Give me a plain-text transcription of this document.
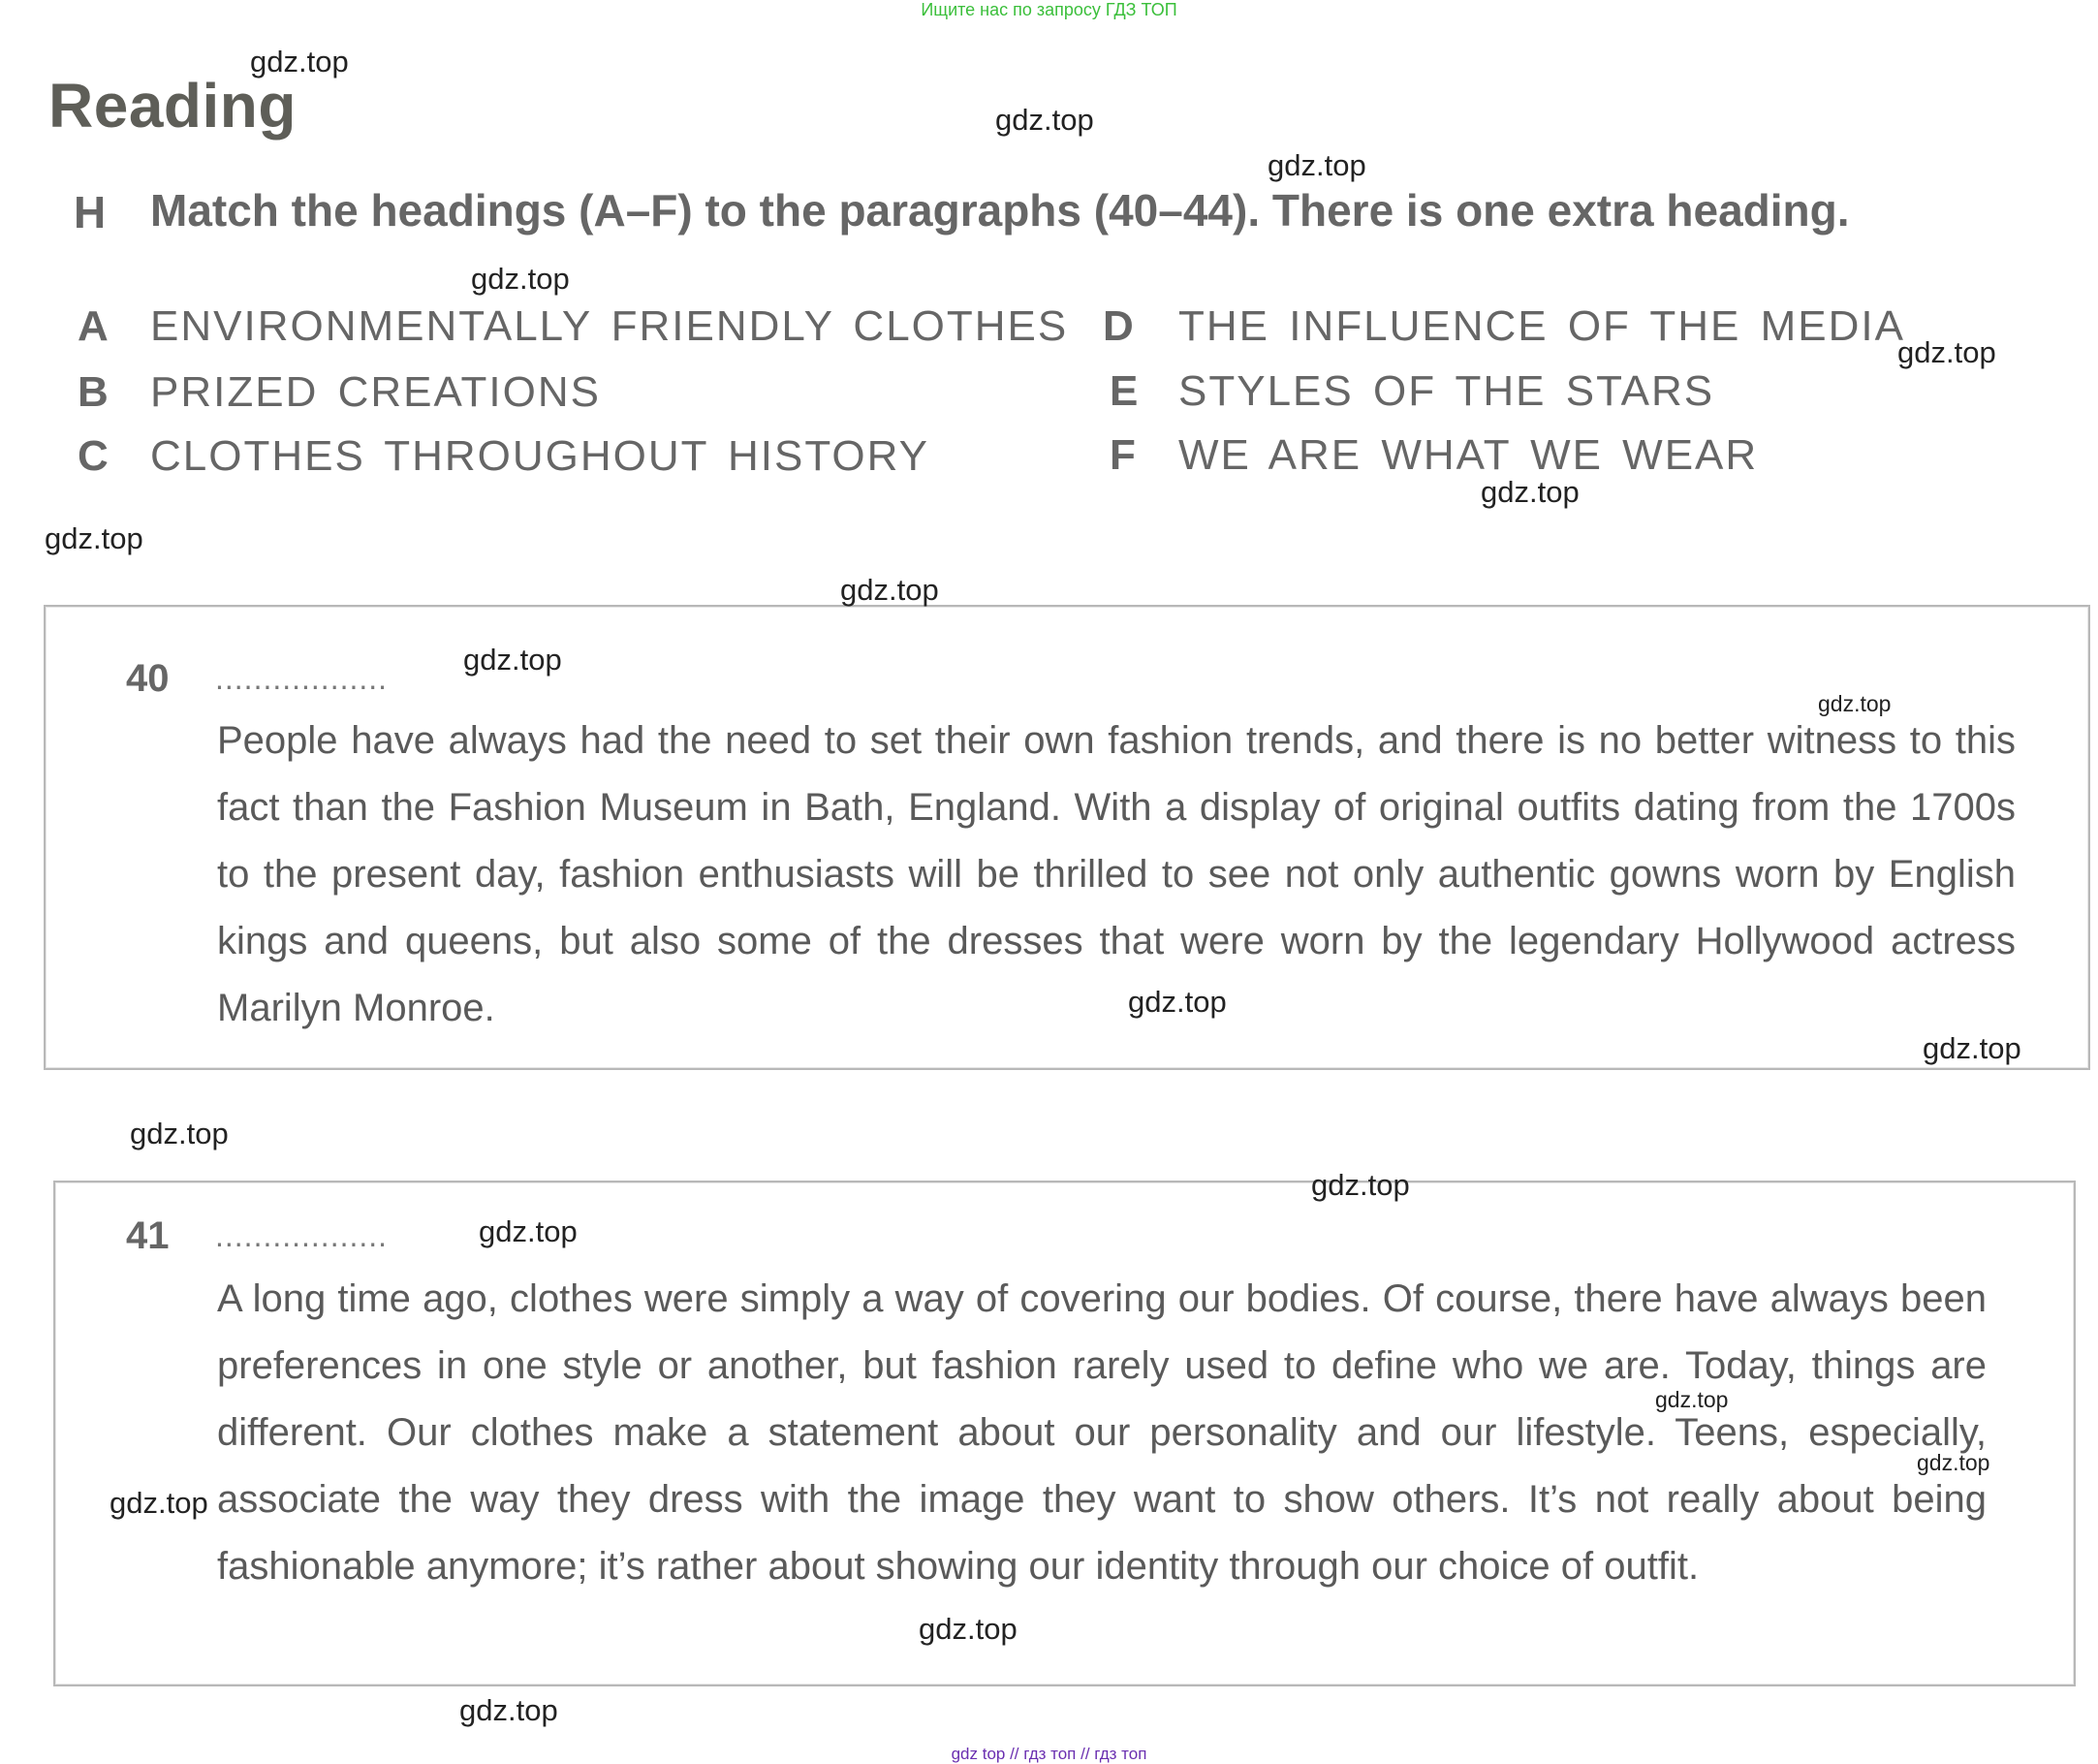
Ищите нас по запросу ГДЗ ТОП
Reading
H Match the headings (A–F) to the paragraphs (40–44). There is one extra heading.
A ENVIRONMENTALLY FRIENDLY CLOTHES
B PRIZED CREATIONS
C CLOTHES THROUGHOUT HISTORY
D THE INFLUENCE OF THE MEDIA
E STYLES OF THE STARS
F WE ARE WHAT WE WEAR
40 ..................
People have always had the need to set their own fashion trends, and there is no better witness to this fact than the Fashion Museum in Bath, England. With a display of original outfits dating from the 1700s to the present day, fashion enthusiasts will be thrilled to see not only authentic gowns worn by English kings and queens, but also some of the dresses that were worn by the legendary Hollywood actress Marilyn Monroe.
41 ..................
A long time ago, clothes were simply a way of covering our bodies. Of course, there have always been preferences in one style or another, but fashion rarely used to define who we are. Today, things are different. Our clothes make a statement about our personality and our lifestyle. Teens, especially, associate the way they dress with the image they want to show others. It’s not really about being fashionable anymore; it’s rather about showing our identity through our choice of outfit.
gdz.top
gdz.top
gdz.top
gdz.top
gdz.top
gdz.top
gdz.top
gdz.top
gdz.top
gdz.top
gdz.top
gdz.top
gdz.top
gdz.top
gdz.top
gdz.top
gdz.top
gdz.top
gdz.top
gdz.top
gdz top // гдз топ // гдз топ
